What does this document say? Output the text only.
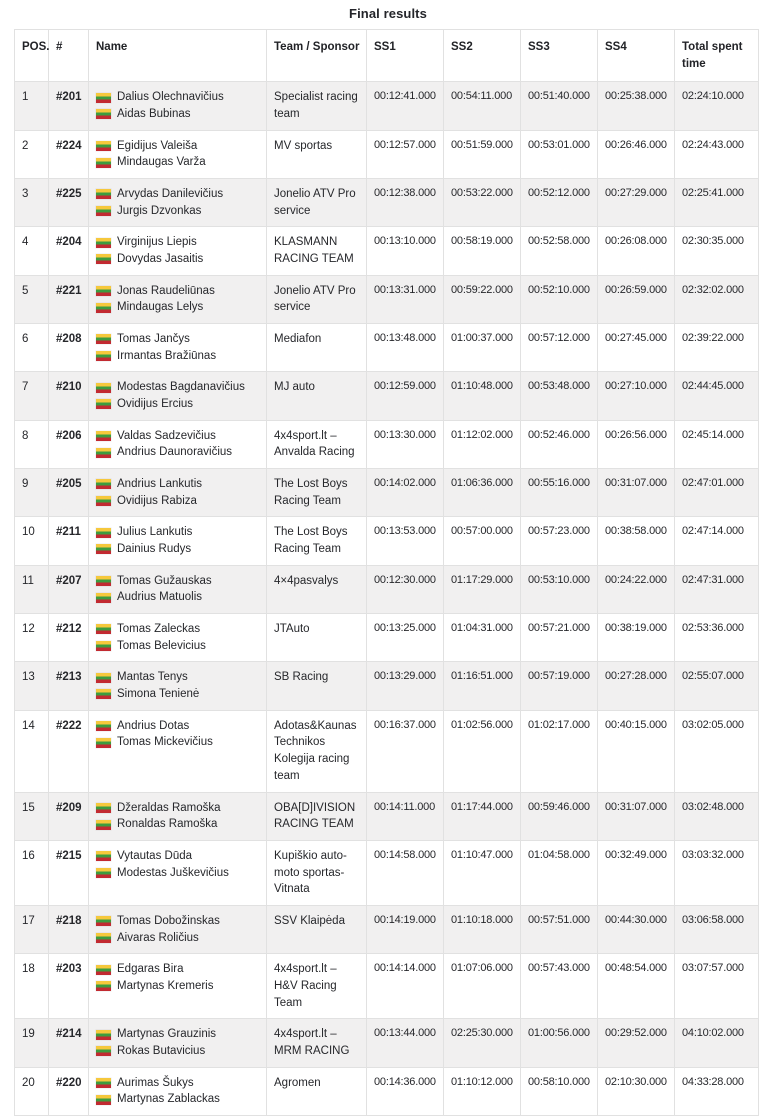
Final results
POS.	#	Name	Team / Sponsor	SS1	SS2	SS3	SS4	Total spent time
1	#201	Dalius Olechnavičius
Aidas Bubinas	Specialist racing team	00:12:41.000	00:54:11.000	00:51:40.000	00:25:38.000	02:24:10.000
2	#224	Egidijus Valeiša
Mindaugas Varža	MV sportas	00:12:57.000	00:51:59.000	00:53:01.000	00:26:46.000	02:24:43.000
3	#225	Arvydas Danilevičius
Jurgis Dzvonkas	Jonelio ATV Pro service	00:12:38.000	00:53:22.000	00:52:12.000	00:27:29.000	02:25:41.000
4	#204	Virginijus Liepis
Dovydas Jasaitis	KLASMANN RACING TEAM	00:13:10.000	00:58:19.000	00:52:58.000	00:26:08.000	02:30:35.000
5	#221	Jonas Raudeliūnas
Mindaugas Lelys	Jonelio ATV Pro service	00:13:31.000	00:59:22.000	00:52:10.000	00:26:59.000	02:32:02.000
6	#208	Tomas Jančys
Irmantas Bražiūnas	Mediafon	00:13:48.000	01:00:37.000	00:57:12.000	00:27:45.000	02:39:22.000
7	#210	Modestas Bagdanavičius
Ovidijus Ercius	MJ auto	00:12:59.000	01:10:48.000	00:53:48.000	00:27:10.000	02:44:45.000
8	#206	Valdas Sadzevičius
Andrius Daunoravičius	4x4sport.lt – Anvalda Racing	00:13:30.000	01:12:02.000	00:52:46.000	00:26:56.000	02:45:14.000
9	#205	Andrius Lankutis
Ovidijus Rabiza	The Lost Boys Racing Team	00:14:02.000	01:06:36.000	00:55:16.000	00:31:07.000	02:47:01.000
10	#211	Julius Lankutis
Dainius Rudys	The Lost Boys Racing Team	00:13:53.000	00:57:00.000	00:57:23.000	00:38:58.000	02:47:14.000
11	#207	Tomas Gužauskas
Audrius Matuolis	4×4pasvalys	00:12:30.000	01:17:29.000	00:53:10.000	00:24:22.000	02:47:31.000
12	#212	Tomas Zaleckas
Tomas Belevicius	JTAuto	00:13:25.000	01:04:31.000	00:57:21.000	00:38:19.000	02:53:36.000
13	#213	Mantas Tenys
Simona Tenienė	SB Racing	00:13:29.000	01:16:51.000	00:57:19.000	00:27:28.000	02:55:07.000
14	#222	Andrius Dotas
Tomas Mickevičius	Adotas&Kaunas Technikos Kolegija racing team	00:16:37.000	01:02:56.000	01:02:17.000	00:40:15.000	03:02:05.000
15	#209	Džeraldas Ramoška
Ronaldas Ramoška	OBA[D]IVISION RACING TEAM	00:14:11.000	01:17:44.000	00:59:46.000	00:31:07.000	03:02:48.000
16	#215	Vytautas Dūda
Modestas Juškevičius	Kupiškio auto-moto sportas-Vitnata	00:14:58.000	01:10:47.000	01:04:58.000	00:32:49.000	03:03:32.000
17	#218	Tomas Dobožinskas
Aivaras Roličius	SSV Klaipėda	00:14:19.000	01:10:18.000	00:57:51.000	00:44:30.000	03:06:58.000
18	#203	Edgaras Bira
Martynas Kremeris	4x4sport.lt – H&V Racing Team	00:14:14.000	01:07:06.000	00:57:43.000	00:48:54.000	03:07:57.000
19	#214	Martynas Grauzinis
Rokas Butavicius	4x4sport.lt – MRM RACING	00:13:44.000	02:25:30.000	01:00:56.000	00:29:52.000	04:10:02.000
20	#220	Aurimas Šukys
Martynas Zablackas	Agromen	00:14:36.000	01:10:12.000	00:58:10.000	02:10:30.000	04:33:28.000
